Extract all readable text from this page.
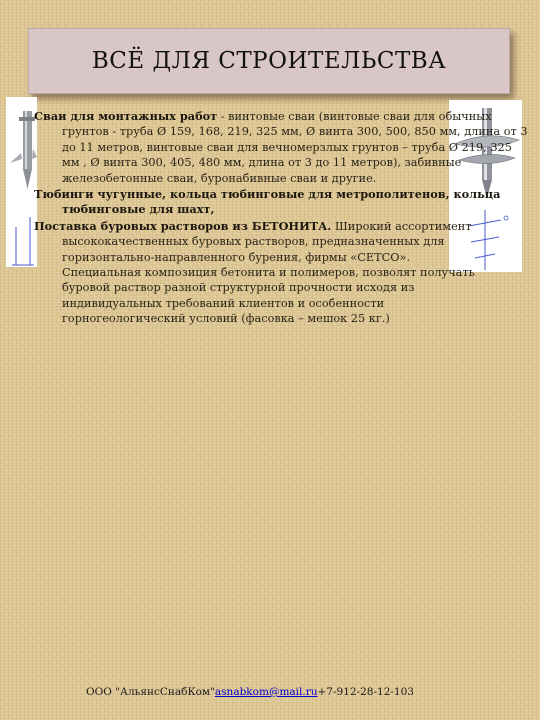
ВСЁ ДЛЯ СТРОИТЕЛЬСТВА

Сваи для монтажных работ - винтовые сваи (винтовые сваи для обычных грунтов - труба Ø 159, 168, 219, 325 мм, Ø винта 300, 500, 850 мм, длина от 3 до 11 метров, винтовые сваи для вечномерзлых грунтов – труба Ø 219, 325 мм , Ø винта 300, 405, 480 мм, длина от 3 до 11 метров), забивные железобетонные сваи, буронабивные сваи и другие.

Тюбинги чугунные, кольца тюбинговые для метрополитенов, кольца тюбинговые для шахт,

Поставка буровых растворов из БЕТОНИТА. Широкий ассортимент высококачественных буровых растворов, предназначенных для горизонтально-направленного бурения, фирмы «СЕТСО». Специальная композиция бетонита и полимеров, позволят получать буровой раствор разной структурной прочности исходя из индивидуальных требований клиентов и особенности горногеологический условий (фасовка – мешок 25 кг.)

ООО "АльянсСнабКом"asnabkom@mail.ru+7-912-28-12-103
